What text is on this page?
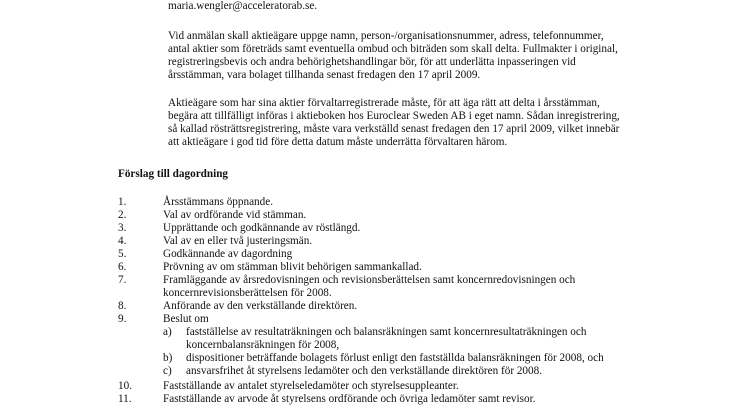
maria.wengler@acceleratorab.se.
Vid anmälan skall aktieägare uppge namn, person-/organisationsnummer, adress, telefonnummer,
antal aktier som företräds samt eventuella ombud och biträden som skall delta. Fullmakter i original,
registreringsbevis och andra behörighetshandlingar bör, för att underlätta inpasseringen vid
årsstämman, vara bolaget tillhanda senast fredagen den 17 april 2009.
Aktieägare som har sina aktier förvaltarregistrerade måste, för att äga rätt att delta i årsstämman,
begära att tillfälligt införas i aktieboken hos Euroclear Sweden AB i eget namn. Sådan inregistrering,
så kallad rösträttsregistrering, måste vara verkställd senast fredagen den 17 april 2009, vilket innebär
att aktieägare i god tid före detta datum måste underrätta förvaltaren härom.
Förslag till dagordning
1.	Årsstämmans öppnande.
2.	Val av ordförande vid stämman.
3.	Upprättande och godkännande av röstlängd.
4.	Val av en eller två justeringsmän.
5.	Godkännande av dagordning
6.	Prövning av om stämman blivit behörigen sammankallad.
7.	Framläggande av årsredovisningen och revisionsberättelsen samt koncernredovisningen och
koncernrevisionsberättelsen för 2008.
8.	Anförande av den verkställande direktören.
9.	Beslut om
a) fastställelse av resultaträkningen och balansräkningen samt koncernresultaträkningen och
koncernbalansräkningen för 2008,
b) dispositioner beträffande bolagets förlust enligt den fastställda balansräkningen för 2008, och
c) ansvarsfrihet åt styrelsens ledamöter och den verkställande direktören för 2008.
10.	Fastställande av antalet styrelseledamöter och styrelsesuppleanter.
11.	Fastställande av arvode åt styrelsens ordförande och övriga ledamöter samt revisor.
